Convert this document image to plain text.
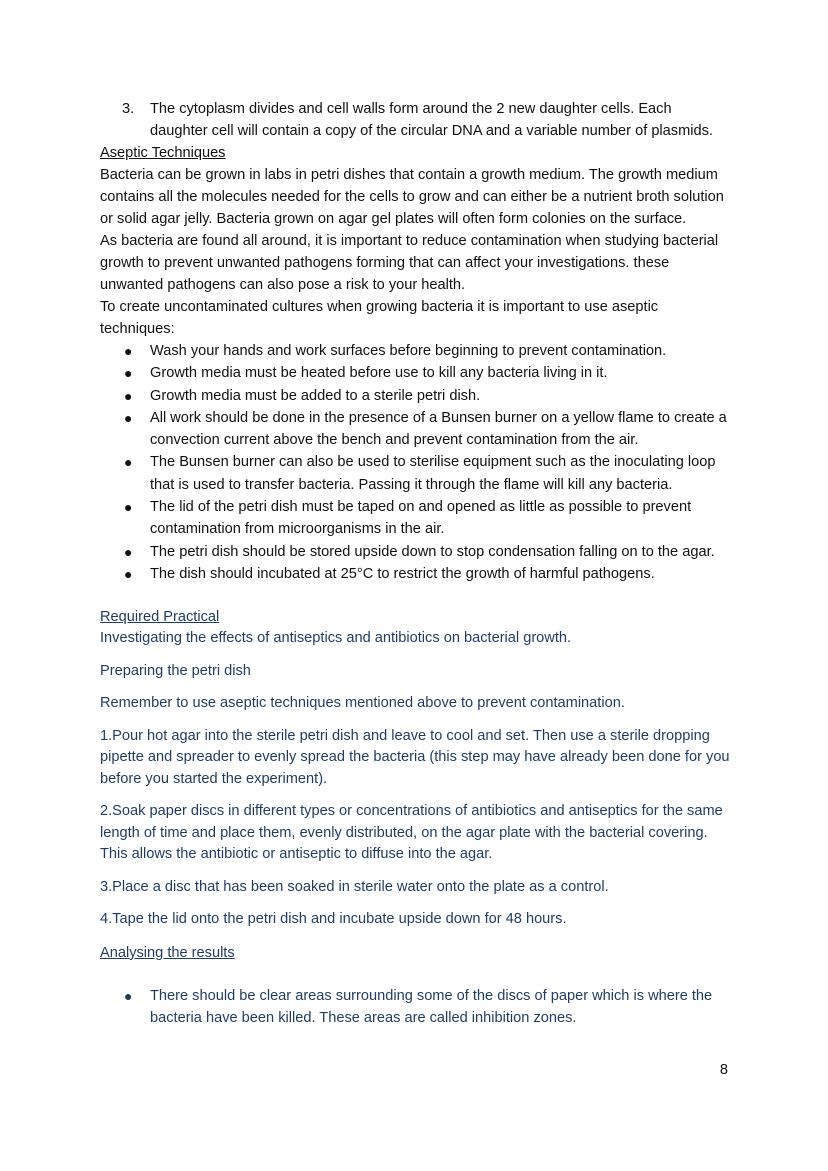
3. The cytoplasm divides and cell walls form around the 2 new daughter cells. Each daughter cell will contain a copy of the circular DNA and a variable number of plasmids.

Aseptic Techniques

Bacteria can be grown in labs in petri dishes that contain a growth medium. The growth medium contains all the molecules needed for the cells to grow and can either be a nutrient broth solution or solid agar jelly. Bacteria grown on agar gel plates will often form colonies on the surface.

As bacteria are found all around, it is important to reduce contamination when studying bacterial growth to prevent unwanted pathogens forming that can affect your investigations. these unwanted pathogens can also pose a risk to your health.

To create uncontaminated cultures when growing bacteria it is important to use aseptic techniques:

● Wash your hands and work surfaces before beginning to prevent contamination.
● Growth media must be heated before use to kill any bacteria living in it.
● Growth media must be added to a sterile petri dish.
● All work should be done in the presence of a Bunsen burner on a yellow flame to create a convection current above the bench and prevent contamination from the air.
● The Bunsen burner can also be used to sterilise equipment such as the inoculating loop that is used to transfer bacteria. Passing it through the flame will kill any bacteria.
● The lid of the petri dish must be taped on and opened as little as possible to prevent contamination from microorganisms in the air.
● The petri dish should be stored upside down to stop condensation falling on to the agar.
● The dish should incubated at 25°C to restrict the growth of harmful pathogens.

Required Practical

Investigating the effects of antiseptics and antibiotics on bacterial growth.

Preparing the petri dish

Remember to use aseptic techniques mentioned above to prevent contamination.

1.Pour hot agar into the sterile petri dish and leave to cool and set. Then use a sterile dropping pipette and spreader to evenly spread the bacteria (this step may have already been done for you before you started the experiment).

2.Soak paper discs in different types or concentrations of antibiotics and antiseptics for the same length of time and place them, evenly distributed, on the agar plate with the bacterial covering. This allows the antibiotic or antiseptic to diffuse into the agar.

3.Place a disc that has been soaked in sterile water onto the plate as a control.

4.Tape the lid onto the petri dish and incubate upside down for 48 hours.

Analysing the results

● There should be clear areas surrounding some of the discs of paper which is where the bacteria have been killed. These areas are called inhibition zones.
8
